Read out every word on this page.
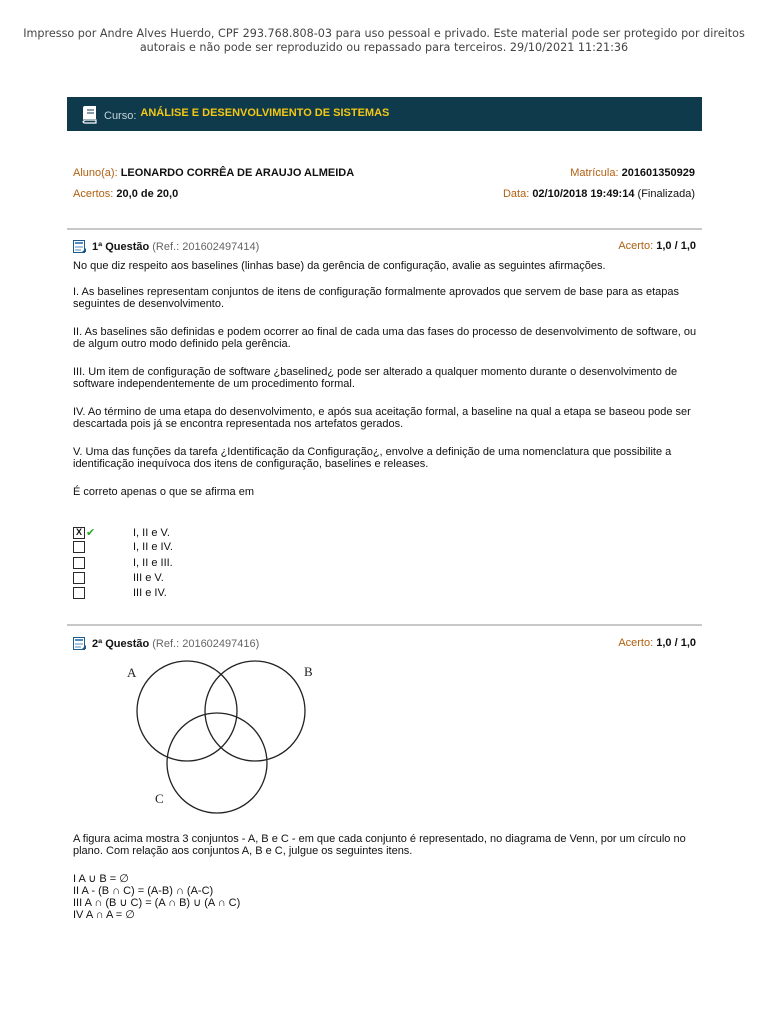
Impresso por Andre Alves Huerdo, CPF 293.768.808-03 para uso pessoal e privado. Este material pode ser protegido por direitos
autorais e não pode ser reproduzido ou repassado para terceiros. 29/10/2021 11:21:36
Curso: ANÁLISE E DESENVOLVIMENTO DE SISTEMAS
Aluno(a): LEONARDO CORRÊA DE ARAUJO ALMEIDA	Matrícula: 201601350929
Acertos: 20,0 de 20,0	Data: 02/10/2018 19:49:14 (Finalizada)
1ª Questão (Ref.: 201602497414)	Acerto: 1,0 / 1,0

No que diz respeito aos baselines (linhas base) da gerência de configuração, avalie as seguintes afirmações.

I. As baselines representam conjuntos de itens de configuração formalmente aprovados que servem de base para as etapas seguintes de desenvolvimento.

II. As baselines são definidas e podem ocorrer ao final de cada uma das fases do processo de desenvolvimento de software, ou de algum outro modo definido pela gerência.

III. Um item de configuração de software ¿baselined¿ pode ser alterado a qualquer momento durante o desenvolvimento de software independentemente de um procedimento formal.

IV. Ao término de uma etapa do desenvolvimento, e após sua aceitação formal, a baseline na qual a etapa se baseou pode ser descartada pois já se encontra representada nos artefatos gerados.

V. Uma das funções da tarefa ¿Identificação da Configuração¿, envolve a definição de uma nomenclatura que possibilite a identificação inequívoca dos itens de configuração, baselines e releases.

É correto apenas o que se afirma em

X ✔	I, II e V.
I, II e IV.
I, II e III.
III e V.
III e IV.
2ª Questão (Ref.: 201602497416)	Acerto: 1,0 / 1,0
A	B
C

A figura acima mostra 3 conjuntos - A, B e C - em que cada conjunto é representado, no diagrama de Venn, por um círculo no plano. Com relação aos conjuntos A, B e C, julgue os seguintes itens.

I A ∪ B = ∅

II A - (B ∩ C) = (A-B) ∩ (A-C)

III A ∩ (B ∪ C) = (A ∩ B) ∪ (A ∩ C)

IV A ∩ A = ∅
